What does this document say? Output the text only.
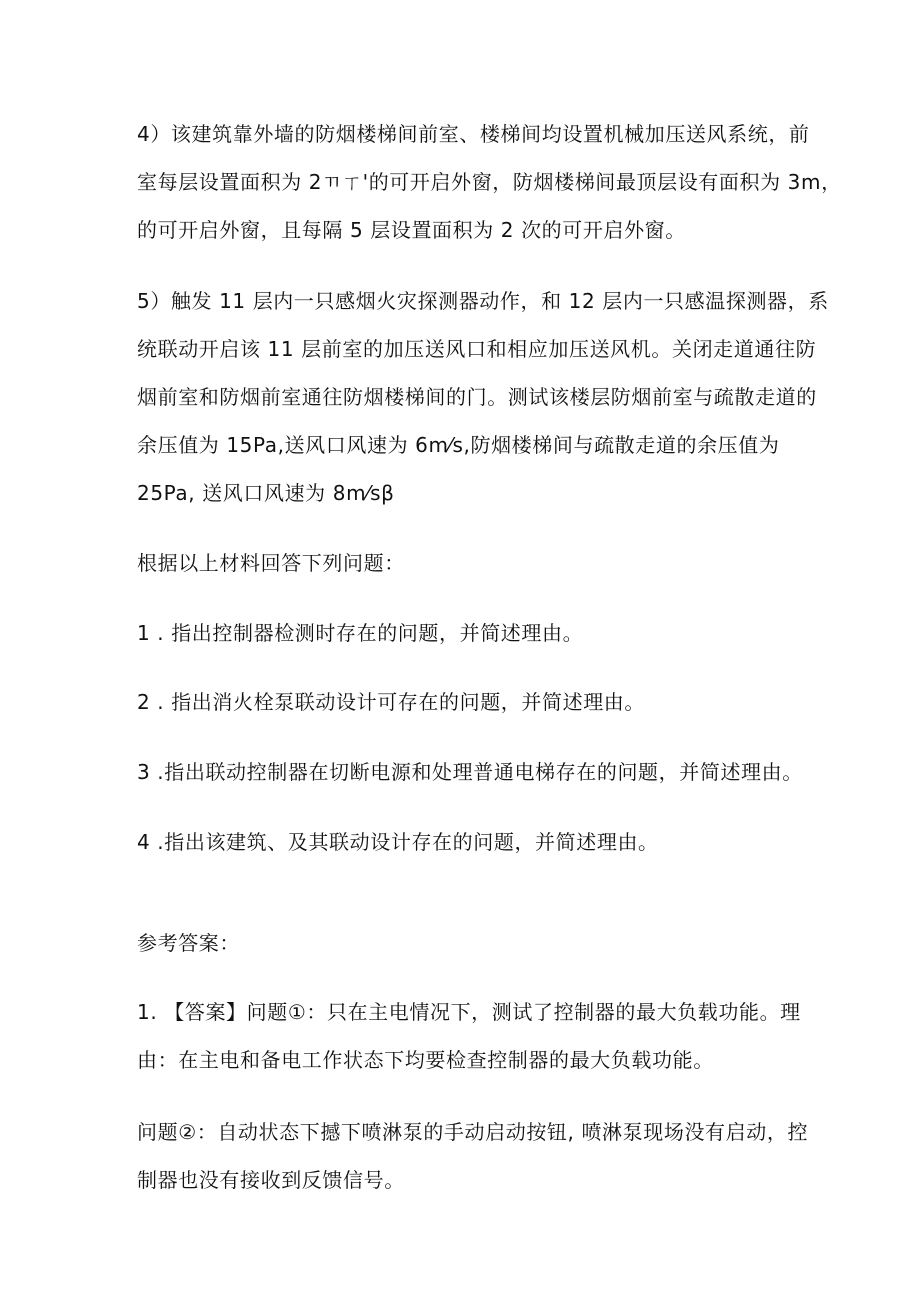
4）该建筑靠外墙的防烟楼梯间前室、楼梯间均设置机械加压送风系统，前
室每层设置面积为 2ㄲㄒ'的可开启外窗，防烟楼梯间最顶层设有面积为 3m，
的可开启外窗，且每隔 5 层设置面积为 2 次的可开启外窗。
5）触发 11 层内一只感烟火灾探测器动作，和 12 层内一只感温探测器，系
统联动开启该 11 层前室的加压送风口和相应加压送风机。关闭走道通往防
烟前室和防烟前室通往防烟楼梯间的门。测试该楼层防烟前室与疏散走道的
余压值为 15Pa,送风口风速为 6m⁄s,防烟楼梯间与疏散走道的余压值为
25Pa, 送风口风速为 8m⁄sβ
根据以上材料回答下列问题：
1 . 指出控制器检测时存在的问题，并简述理由。
2 . 指出消火栓泵联动设计可存在的问题，并简述理由。
3 .指出联动控制器在切断电源和处理普通电梯存在的问题，并简述理由。
4 .指出该建筑、及其联动设计存在的问题，并简述理由。
参考答案：
1. 【答案】问题①：只在主电情况下，测试了控制器的最大负载功能。理
由：在主电和备电工作状态下均要检查控制器的最大负载功能。
问题②：自动状态下撼下喷淋泵的手动启动按钮, 喷淋泵现场没有启动，控
制器也没有接收到反馈信号。
